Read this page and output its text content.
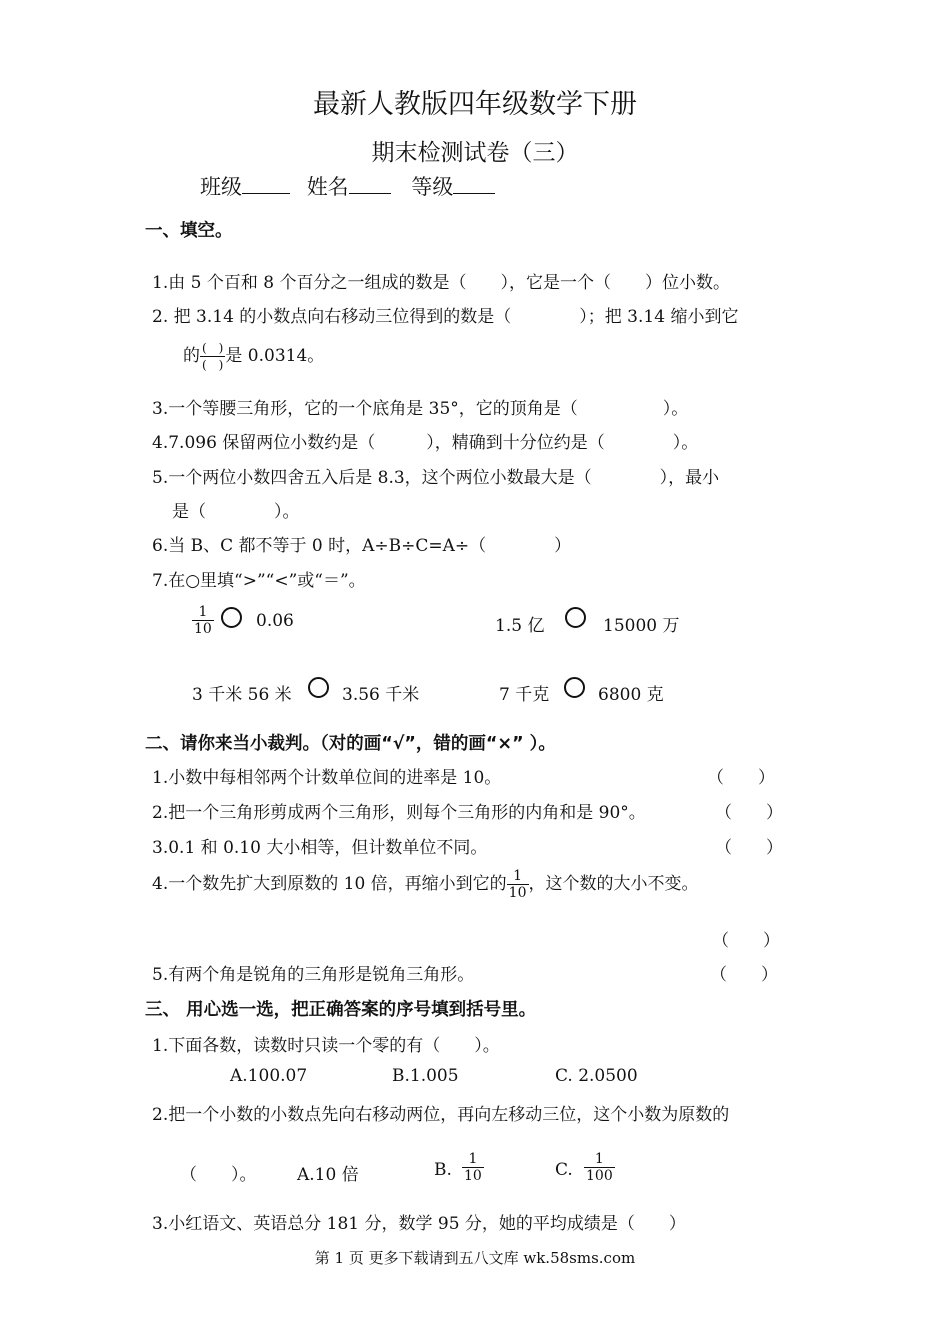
最新人教版四年级数学下册
期末检测试卷（三）
班级	姓名	等级
一、填空。
1.由 5 个百和 8 个百分之一组成的数是（　　），它是一个（　　）位小数。
2. 把 3.14 的小数点向右移动三位得到的数是（　　　　）；把 3.14 缩小到它
的 $\frac{( )}{( )}$ 是 0.0314。
3.一个等腰三角形，它的一个底角是 35°，它的顶角是（　　　　　）。
4.7.096 保留两位小数约是（　　　），精确到十分位约是（　　　　）。
5.一个两位小数四舍五入后是 8.3，这个两位小数最大是（　　　　），最小
是（　　　　）。
6.当 B、C 都不等于 0 时，A÷B÷C=A÷（　　　　）
7.在○里填“>”“<”或“＝”。
$\frac{1}{10} 0.06$	1.5 亿	15000 万
3 千米 56 米	3.56 千米	7 千克	6800 克
二、请你来当小裁判。（对的画“√”，错的画“×” ）。
1.小数中每相邻两个计数单位间的进率是 10。	（　　）
2.把一个三角形剪成两个三角形，则每个三角形的内角和是 90°。	（　　）
3.0.1 和 0.10 大小相等，但计数单位不同。	（　　）
4.一个数先扩大到原数的 10 倍，再缩小到它的 $\frac{1}{10}$ ，这个数的大小不变。
（　　）
5.有两个角是锐角的三角形是锐角三角形。	（　　）
三、 用心选一选，把正确答案的序号填到括号里。
1.下面各数，读数时只读一个零的有（　　）。
A.100.07	B.1.005	C. 2.0500
2.把一个小数的小数点先向右移动两位，再向左移动三位，这个小数为原数的
（　　）。 A.10 倍	B. $\frac{1}{10}$	C. $\frac{1}{100}$
3.小红语文、英语总分 181 分，数学 95 分，她的平均成绩是（　　）
第 1 页 更多下载请到五八文库 wk.58sms.com
